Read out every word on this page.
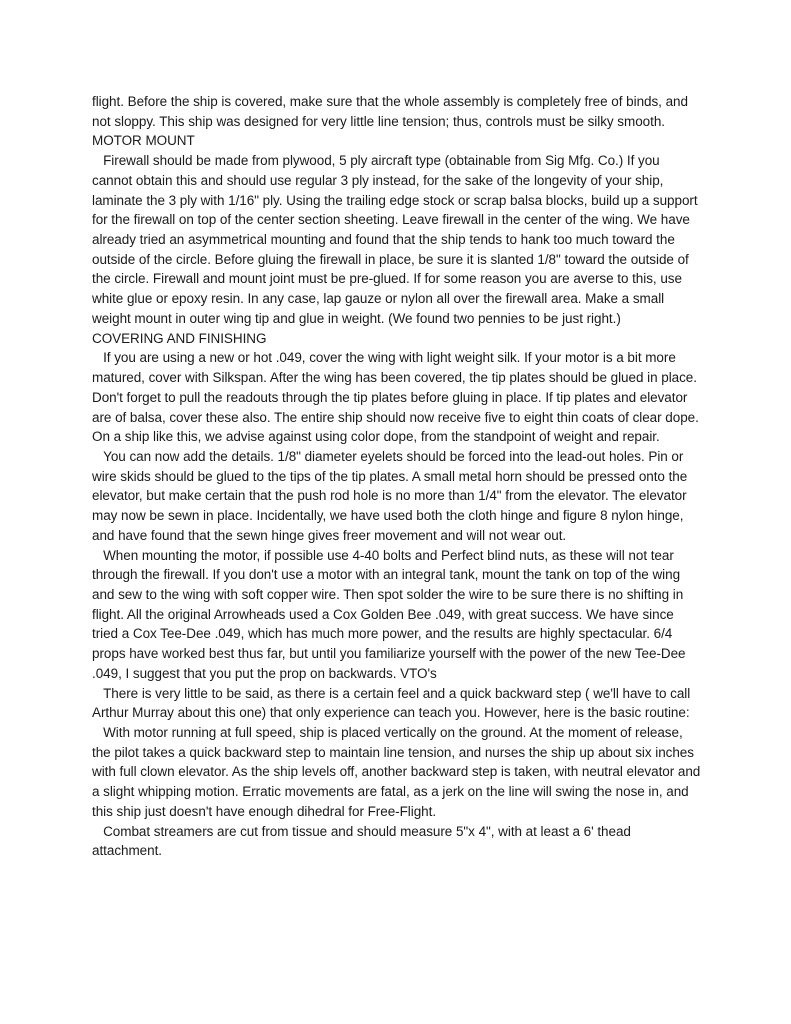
flight. Before the ship is covered, make sure that the whole assembly is completely free of binds, and not sloppy. This ship was designed for very little line tension; thus, controls must be silky smooth.

MOTOR MOUNT

Firewall should be made from plywood, 5 ply aircraft type (obtainable from Sig Mfg. Co.) If you cannot obtain this and should use regular 3 ply instead, for the sake of the longevity of your ship, laminate the 3 ply with 1/16" ply. Using the trailing edge stock or scrap balsa blocks, build up a support for the firewall on top of the center section sheeting. Leave firewall in the center of the wing. We have already tried an asymmetrical mounting and found that the ship tends to hank too much toward the outside of the circle. Before gluing the firewall in place, be sure it is slanted 1/8" toward the outside of the circle. Firewall and mount joint must be pre-glued. If for some reason you are averse to this, use white glue or epoxy resin. In any case, lap gauze or nylon all over the firewall area. Make a small weight mount in outer wing tip and glue in weight. (We found two pennies to be just right.)

COVERING AND FINISHING

If you are using a new or hot .049, cover the wing with light weight silk. If your motor is a bit more matured, cover with Silkspan. After the wing has been covered, the tip plates should be glued in place. Don't forget to pull the readouts through the tip plates before gluing in place. If tip plates and elevator are of balsa, cover these also. The entire ship should now receive five to eight thin coats of clear dope. On a ship like this, we advise against using color dope, from the standpoint of weight and repair.

You can now add the details. 1/8" diameter eyelets should be forced into the lead-out holes. Pin or wire skids should be glued to the tips of the tip plates. A small metal horn should be pressed onto the elevator, but make certain that the push rod hole is no more than 1/4" from the elevator. The elevator may now be sewn in place. Incidentally, we have used both the cloth hinge and figure 8 nylon hinge, and have found that the sewn hinge gives freer movement and will not wear out.

When mounting the motor, if possible use 4-40 bolts and Perfect blind nuts, as these will not tear through the firewall. If you don't use a motor with an integral tank, mount the tank on top of the wing and sew to the wing with soft copper wire. Then spot solder the wire to be sure there is no shifting in flight. All the original Arrowheads used a Cox Golden Bee .049, with great success. We have since tried a Cox Tee-Dee .049, which has much more power, and the results are highly spectacular. 6/4 props have worked best thus far, but until you familiarize yourself with the power of the new Tee-Dee .049, I suggest that you put the prop on backwards. VTO's

There is very little to be said, as there is a certain feel and a quick backward step ( we'll have to call Arthur Murray about this one) that only experience can teach you. However, here is the basic routine:

With motor running at full speed, ship is placed vertically on the ground. At the moment of release, the pilot takes a quick backward step to maintain line tension, and nurses the ship up about six inches with full clown elevator. As the ship levels off, another backward step is taken, with neutral elevator and a slight whipping motion. Erratic movements are fatal, as a jerk on the line will swing the nose in, and this ship just doesn't have enough dihedral for Free-Flight.

Combat streamers are cut from tissue and should measure 5"x 4", with at least a 6' thead attachment.
